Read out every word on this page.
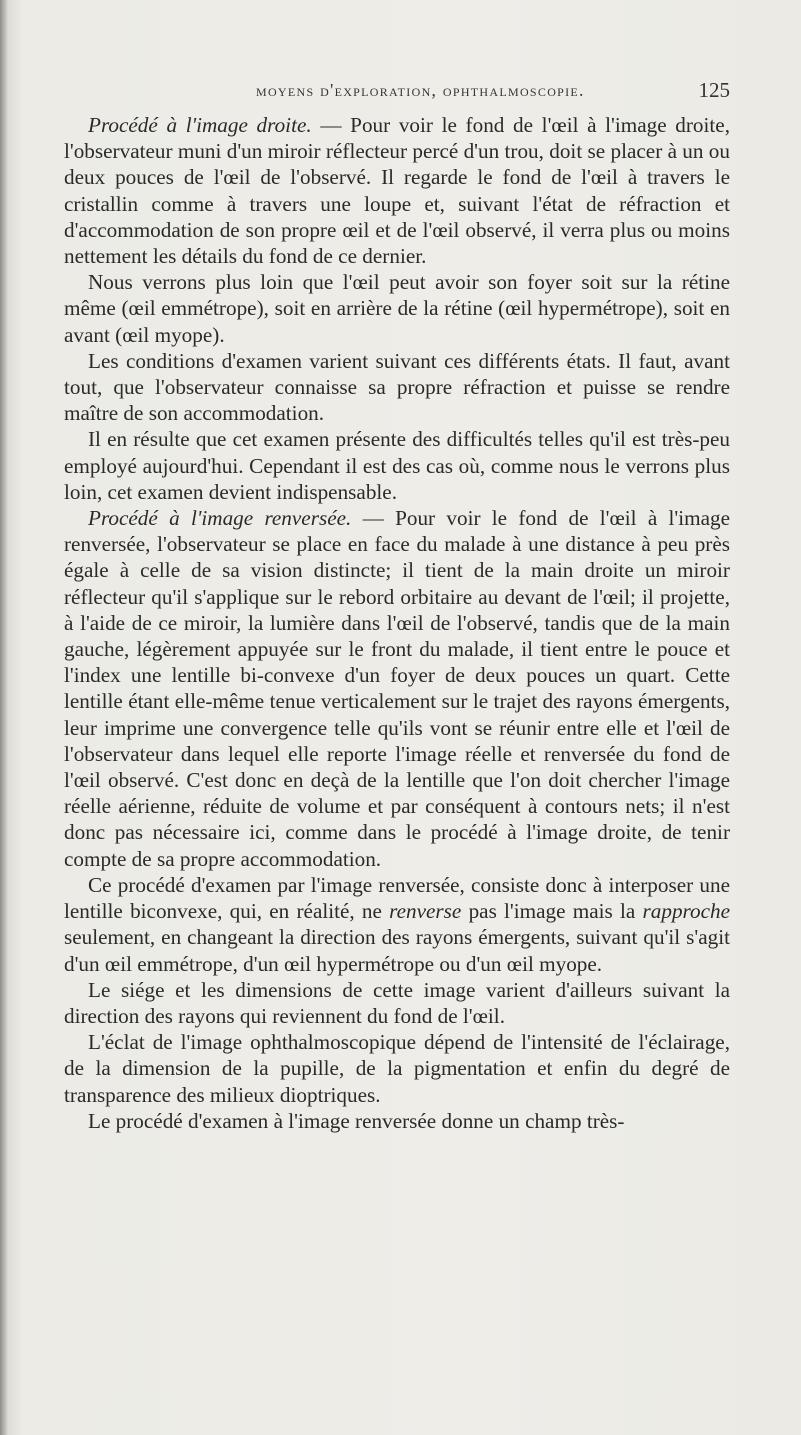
moyens d'exploration, ophthalmoscopie.	125

Procédé à l'image droite. — Pour voir le fond de l'œil à l'image droite, l'observateur muni d'un miroir réflecteur percé d'un trou, doit se placer à un ou deux pouces de l'œil de l'observé. Il regarde le fond de l'œil à travers le cristallin comme à travers une loupe et, suivant l'état de réfraction et d'accommodation de son propre œil et de l'œil observé, il verra plus ou moins nettement les détails du fond de ce dernier.

Nous verrons plus loin que l'œil peut avoir son foyer soit sur la rétine même (œil emmétrope), soit en arrière de la rétine (œil hypermétrope), soit en avant (œil myope).

Les conditions d'examen varient suivant ces différents états. Il faut, avant tout, que l'observateur connaisse sa propre réfraction et puisse se rendre maître de son accommodation.

Il en résulte que cet examen présente des difficultés telles qu'il est très-peu employé aujourd'hui. Cependant il est des cas où, comme nous le verrons plus loin, cet examen devient indispensable.

Procédé à l'image renversée. — Pour voir le fond de l'œil à l'image renversée, l'observateur se place en face du malade à une distance à peu près égale à celle de sa vision distincte; il tient de la main droite un miroir réflecteur qu'il s'applique sur le rebord orbitaire au devant de l'œil; il projette, à l'aide de ce miroir, la lumière dans l'œil de l'observé, tandis que de la main gauche, légèrement appuyée sur le front du malade, il tient entre le pouce et l'index une lentille bi-convexe d'un foyer de deux pouces un quart. Cette lentille étant elle-même tenue verticalement sur le trajet des rayons émergents, leur imprime une convergence telle qu'ils vont se réunir entre elle et l'œil de l'observateur dans lequel elle reporte l'image réelle et renversée du fond de l'œil observé. C'est donc en deçà de la lentille que l'on doit chercher l'image réelle aérienne, réduite de volume et par conséquent à contours nets; il n'est donc pas nécessaire ici, comme dans le procédé à l'image droite, de tenir compte de sa propre accommodation.

Ce procédé d'examen par l'image renversée, consiste donc à interposer une lentille biconvexe, qui, en réalité, ne renverse pas l'image mais la rapproche seulement, en changeant la direction des rayons émergents, suivant qu'il s'agit d'un œil emmétrope, d'un œil hypermétrope ou d'un œil myope.

Le siége et les dimensions de cette image varient d'ailleurs suivant la direction des rayons qui reviennent du fond de l'œil.

L'éclat de l'image ophthalmoscopique dépend de l'intensité de l'éclairage, de la dimension de la pupille, de la pigmentation et enfin du degré de transparence des milieux dioptriques.

Le procédé d'examen à l'image renversée donne un champ très-
